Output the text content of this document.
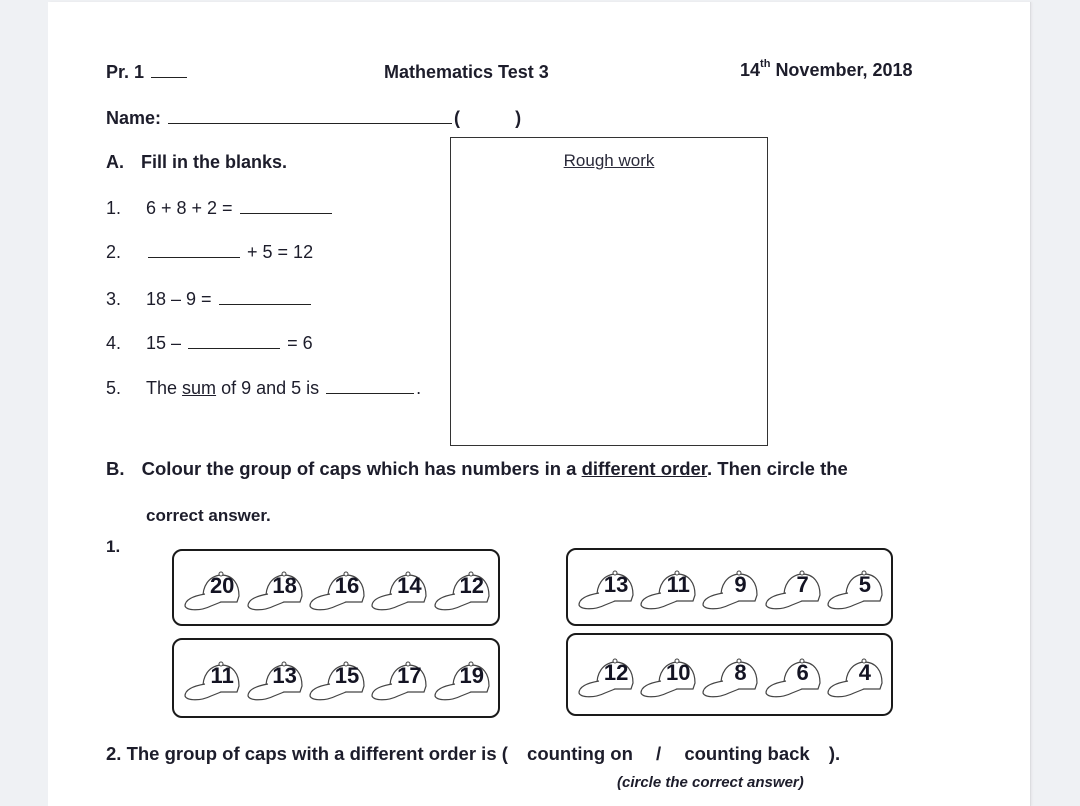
Pr. 1	Mathematics Test 3	14th November, 2018
Name:	(	)
A. Fill in the blanks.
1. 6 + 8 + 2 =
2.	+ 5 = 12
3. 18 – 9 =
4. 15 –	= 6
5. The sum of 9 and 5 is	.
Rough work
B. Colour the group of caps which has numbers in a different order. Then circle the
correct answer.
1.
20	18	16	14	12	13	11	9	7	5
11	13	15	17	19	12	10	8	6	4
2. The group of caps with a different order is ( counting on / counting back ).
(circle the correct answer)
